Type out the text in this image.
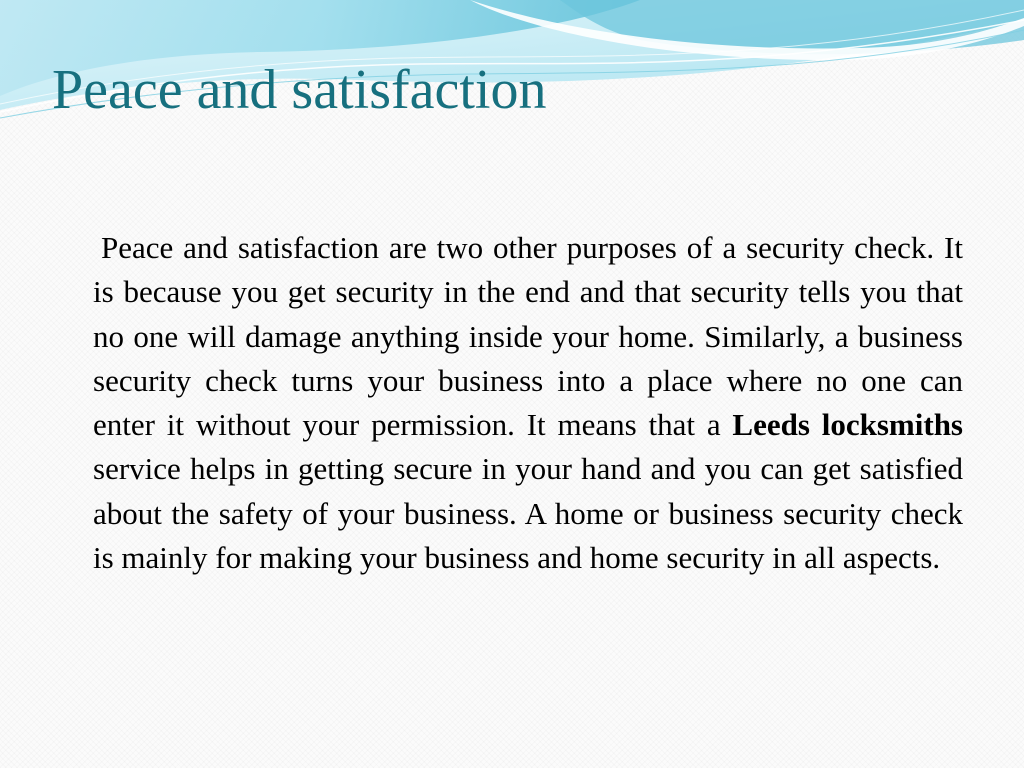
Peace and satisfaction

Peace and satisfaction are two other purposes of a security check. It is because you get security in the end and that security tells you that no one will damage anything inside your home. Similarly, a business security check turns your business into a place where no one can enter it without your permission. It means that a Leeds locksmiths service helps in getting secure in your hand and you can get satisfied about the safety of your business. A home or business security check is mainly for making your business and home security in all aspects.
